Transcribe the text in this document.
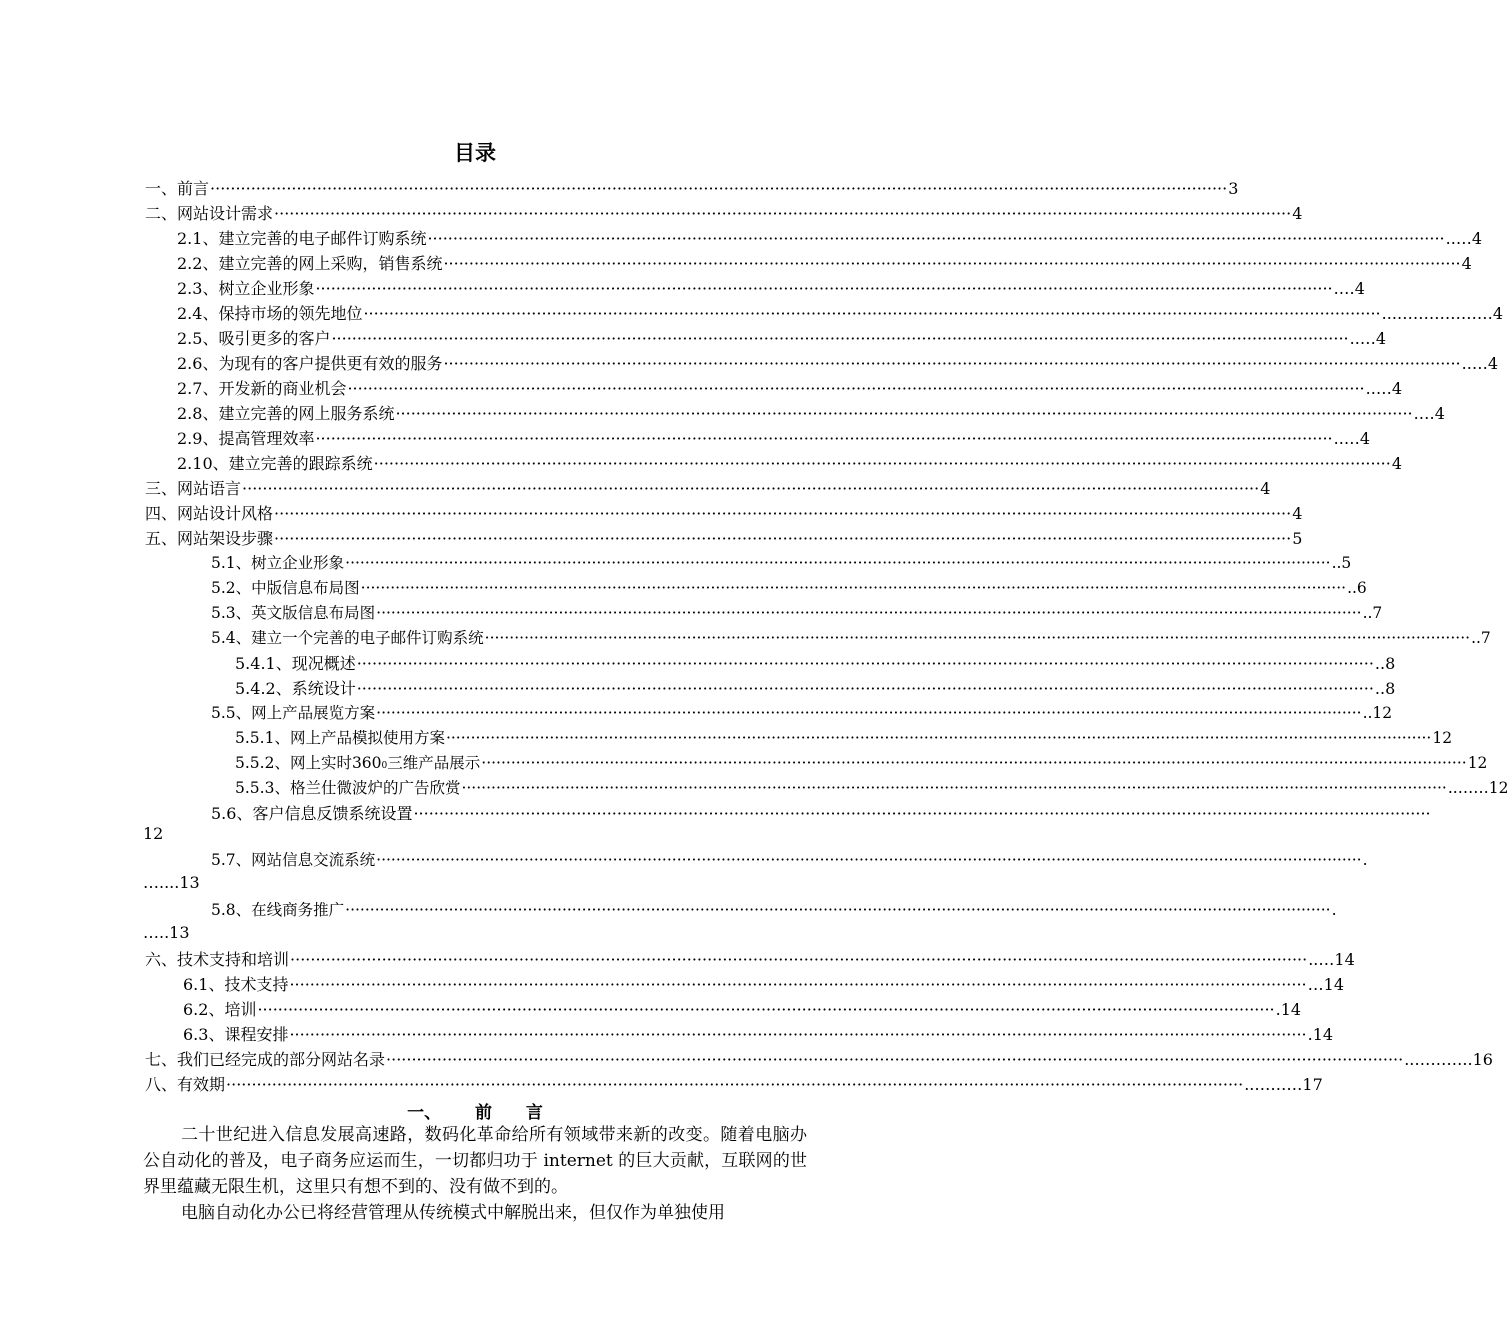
目录
一、 前言 ········································································································································································································ 3
二、 网站设计需求 ········································································································································································································ 4
2.1、建立完善的电子邮件订购系统 ········································································································································································································ ..…4
2.2、建立完善的网上采购，销售系统 ········································································································································································································ 4
2.3、树立企业形象 ········································································································································································································ .…4
2.4、保持市场的领先地位 ········································································································································································································ ...………………4
2.5、吸引更多的客户 ········································································································································································································ ..…4
2.6、为现有的客户提供更有效的服务 ········································································································································································································ ..…4
2.7、开发新的商业机会 ········································································································································································································ ..…4
2.8、建立完善的网上服务系统 ········································································································································································································ .…4
2.9、提高管理效率 ········································································································································································································ ..…4
2.10、建立完善的跟踪系统 ········································································································································································································ 4
三、 网站语言 ········································································································································································································ 4
四、 网站设计风格 ········································································································································································································ 4
五、 网站架设步骤 ········································································································································································································ 5
5.1、树立企业形象 ········································································································································································································ ..5
5.2、中版信息布局图 ········································································································································································································ ..6
5.3、英文版信息布局图 ········································································································································································································ ..7
5.4、建立一个完善的电子邮件订购系统 ········································································································································································································ ..7
5.4.1、现况概述 ········································································································································································································ ..8
5.4.2、系统设计 ········································································································································································································ ..8
5.5、网上产品展览方案 ········································································································································································································ ..12
5.5.1、网上产品模拟使用方案 ········································································································································································································ 12
5.5.2、网上实时$360_0$ 三维产品展示 ········································································································································································································ 12
5.5.3、格兰仕微波炉的广告欣赏 ········································································································································································································ ..……12
5.6、客户信息反馈系统设置 ········································································································································································································
12
5.7、网站信息交流系统 ········································································································································································································ .
…....13
5.8、在线商务推广 ········································································································································································································ .
…..13
六、 技术支持和培训 ········································································································································································································ ..…14
6.1、技术支持 ········································································································································································································ …14
6.2、培训 ········································································································································································································ .14
6.3、课程安排 ········································································································································································································ .14
七、 我们已经完成的部分网站名录 ········································································································································································································ ..………..16
八、 有效期 ········································································································································································································ ..………17
一、 前 言
二十世纪进入信息发展高速路，数码化革命给所有领域带来新的改变。随着电脑办公自动化的普及，电子商务应运而生，一切都归功于 internet 的巨大贡献，互联网的世界里蕴藏无限生机，这里只有想不到的、没有做不到的。
电脑自动化办公已将经营管理从传统模式中解脱出来，但仅作为单独使用
